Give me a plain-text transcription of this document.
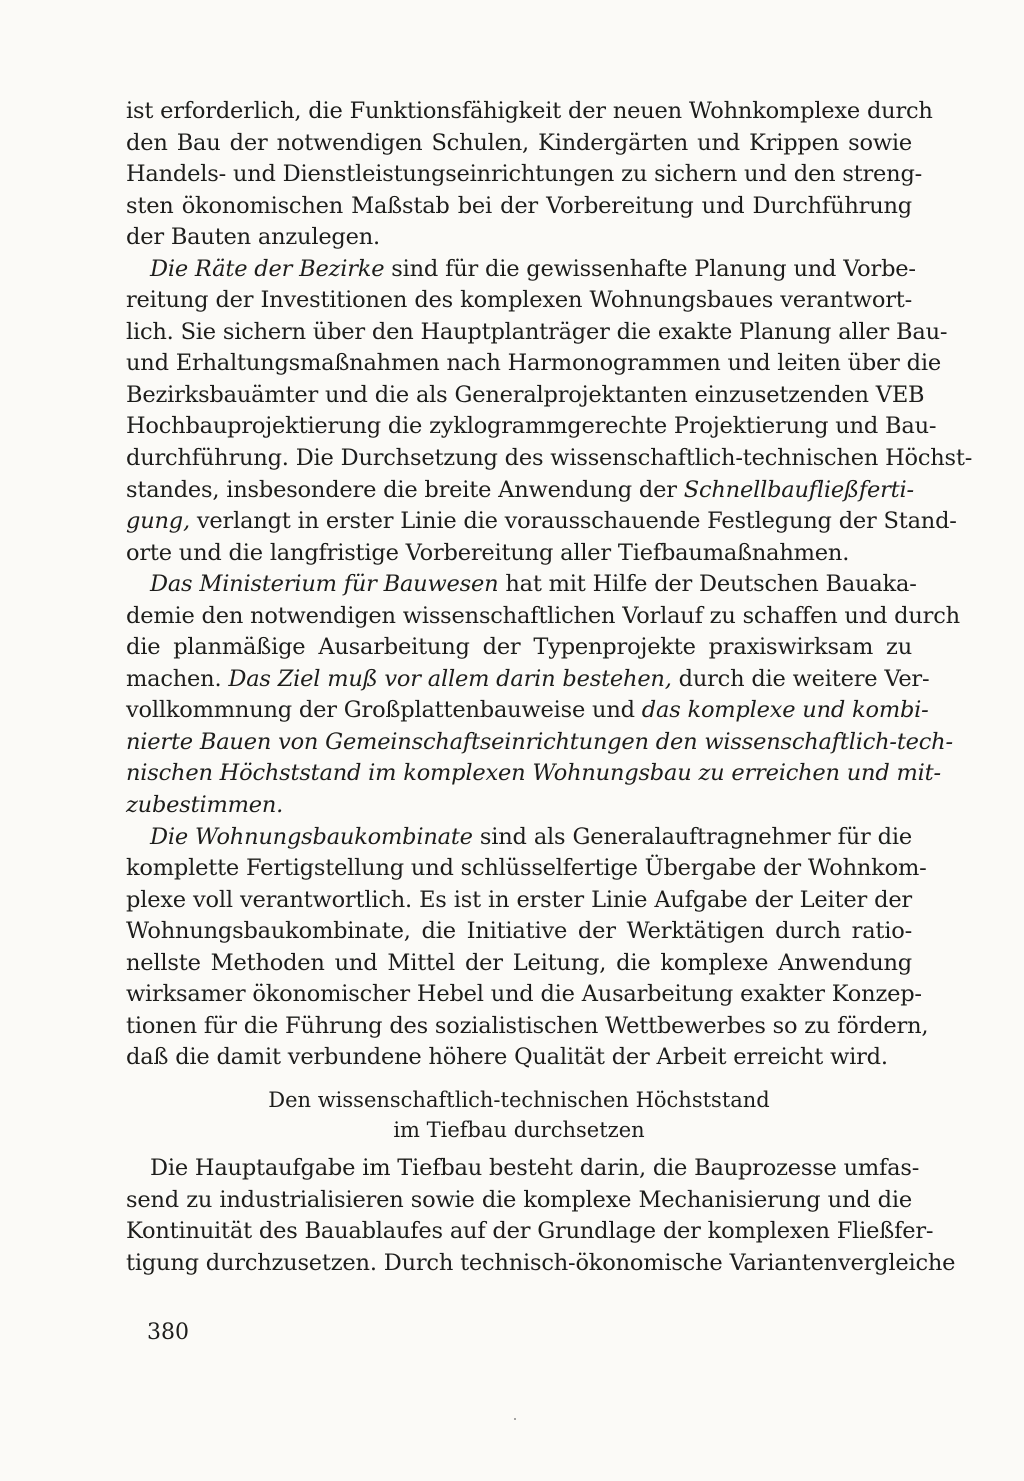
ist erforderlich, die Funktionsfähigkeit der neuen Wohnkomplexe durch
den Bau der notwendigen Schulen, Kindergärten und Krippen sowie
Handels- und Dienstleistungseinrichtungen zu sichern und den streng-
sten ökonomischen Maßstab bei der Vorbereitung und Durchführung
der Bauten anzulegen.
Die Räte der Bezirke sind für die gewissenhafte Planung und Vorbe-
reitung der Investitionen des komplexen Wohnungsbaues verantwort-
lich. Sie sichern über den Hauptplanträger die exakte Planung aller Bau-
und Erhaltungsmaßnahmen nach Harmonogrammen und leiten über die
Bezirksbauämter und die als Generalprojektanten einzusetzenden VEB
Hochbauprojektierung die zyklogrammgerechte Projektierung und Bau-
durchführung. Die Durchsetzung des wissenschaftlich-technischen Höchst-
standes, insbesondere die breite Anwendung der Schnellbaufließferti-
gung, verlangt in erster Linie die vorausschauende Festlegung der Stand-
orte und die langfristige Vorbereitung aller Tiefbaumaßnahmen.
Das Ministerium für Bauwesen hat mit Hilfe der Deutschen Bauaka-
demie den notwendigen wissenschaftlichen Vorlauf zu schaffen und durch
die planmäßige Ausarbeitung der Typenprojekte praxiswirksam zu
machen. Das Ziel muß vor allem darin bestehen, durch die weitere Ver-
vollkommnung der Großplattenbauweise und das komplexe und kombi-
nierte Bauen von Gemeinschaftseinrichtungen den wissenschaftlich-tech-
nischen Höchststand im komplexen Wohnungsbau zu erreichen und mit-
zubestimmen.
Die Wohnungsbaukombinate sind als Generalauftragnehmer für die
komplette Fertigstellung und schlüsselfertige Übergabe der Wohnkom-
plexe voll verantwortlich. Es ist in erster Linie Aufgabe der Leiter der
Wohnungsbaukombinate, die Initiative der Werktätigen durch ratio-
nellste Methoden und Mittel der Leitung, die komplexe Anwendung
wirksamer ökonomischer Hebel und die Ausarbeitung exakter Konzep-
tionen für die Führung des sozialistischen Wettbewerbes so zu fördern,
daß die damit verbundene höhere Qualität der Arbeit erreicht wird.
Den wissenschaftlich-technischen Höchststand
im Tiefbau durchsetzen
Die Hauptaufgabe im Tiefbau besteht darin, die Bauprozesse umfas-
send zu industrialisieren sowie die komplexe Mechanisierung und die
Kontinuität des Bauablaufes auf der Grundlage der komplexen Fließfer-
tigung durchzusetzen. Durch technisch-ökonomische Variantenvergleiche
380
